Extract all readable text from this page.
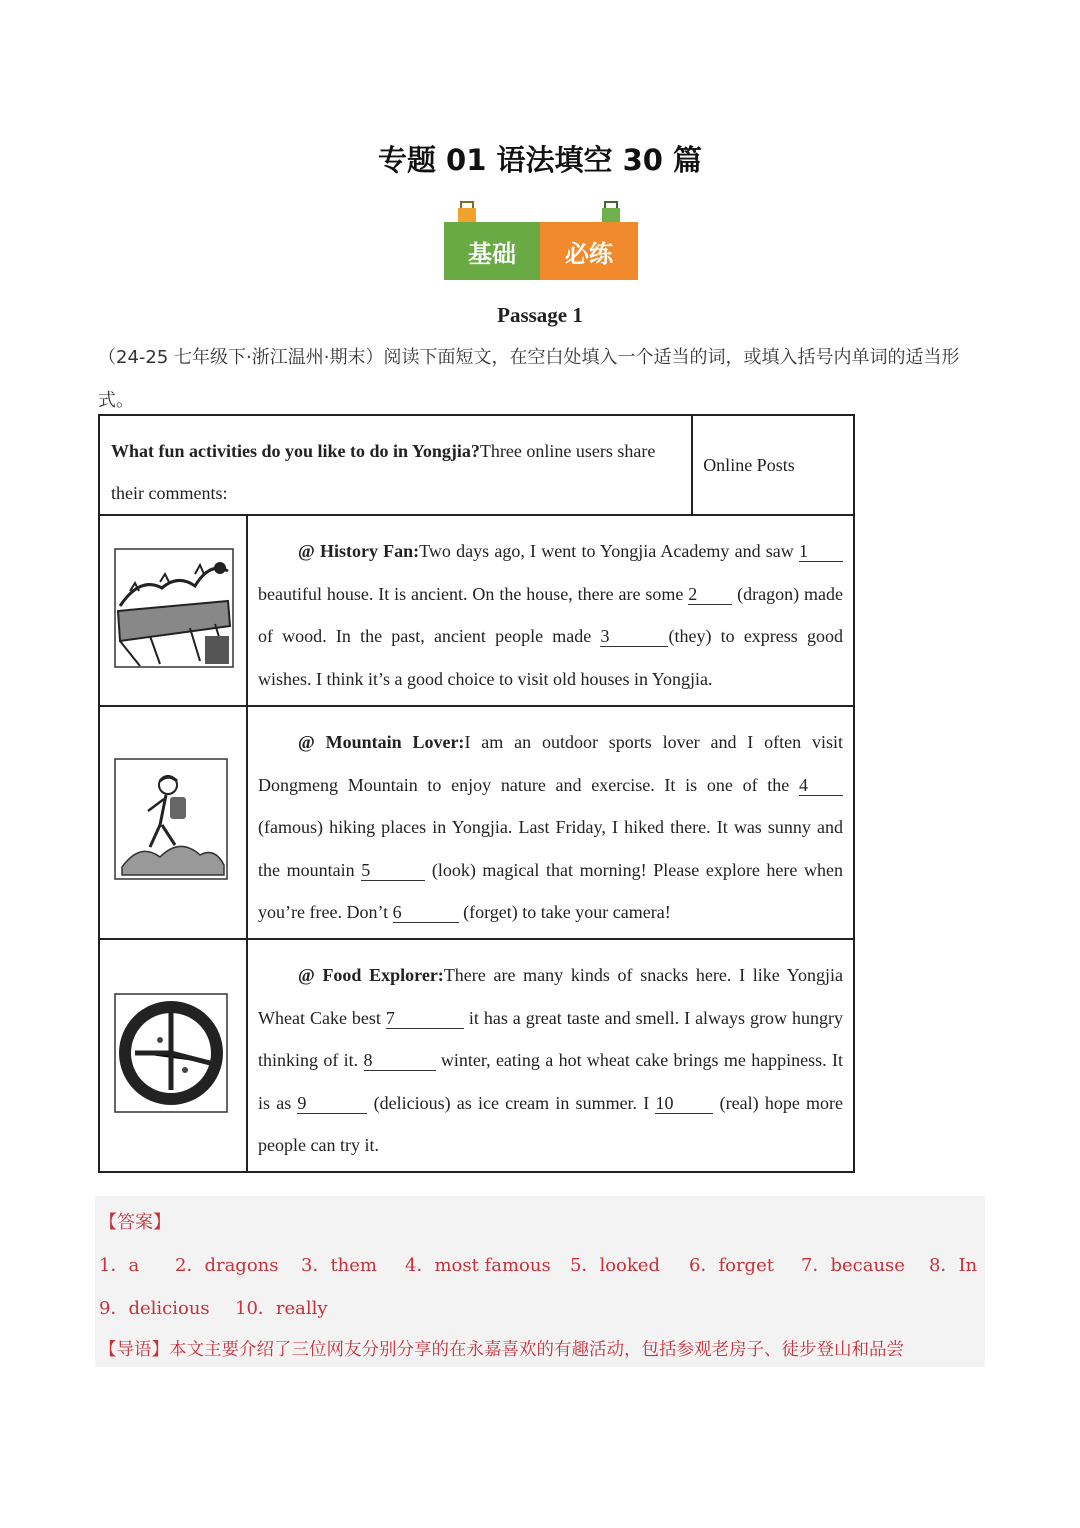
专题 01 语法填空 30 篇
基础	必练
Passage 1
（24-25 七年级下·浙江温州·期末）阅读下面短文，在空白处填入一个适当的词，或填入括号内单词的适当形式。
What fun activities do you like to do in Yongjia?Three online users share their comments:		Online Posts
	@ History Fan:Two days ago, I went to Yongjia Academy and saw 1 beautiful house. It is ancient. On the house, there are some 2 (dragon) made of wood. In the past, ancient people made 3 (they) to express good wishes. I think it’s a good choice to visit old houses in Yongjia.	
	@ Mountain Lover:I am an outdoor sports lover and I often visit Dongmeng Mountain to enjoy nature and exercise. It is one of the 4 (famous) hiking places in Yongjia. Last Friday, I hiked there. It was sunny and the mountain 5 (look) magical that morning! Please explore here when you’re free. Don’t 6 (forget) to take your camera!	
	@ Food Explorer:There are many kinds of snacks here. I like Yongjia Wheat Cake best 7 it has a great taste and smell. I always grow hungry thinking of it. 8 winter, eating a hot wheat cake brings me happiness. It is as 9 (delicious) as ice cream in summer. I 10 (real) hope more people can try it.	
【答案】
1．a 2．dragons 3．them 4．most famous 5．looked 6．forget 7．because 8．In
9．delicious 10．really
【导语】本文主要介绍了三位网友分别分享的在永嘉喜欢的有趣活动，包括参观老房子、徒步登山和品尝
